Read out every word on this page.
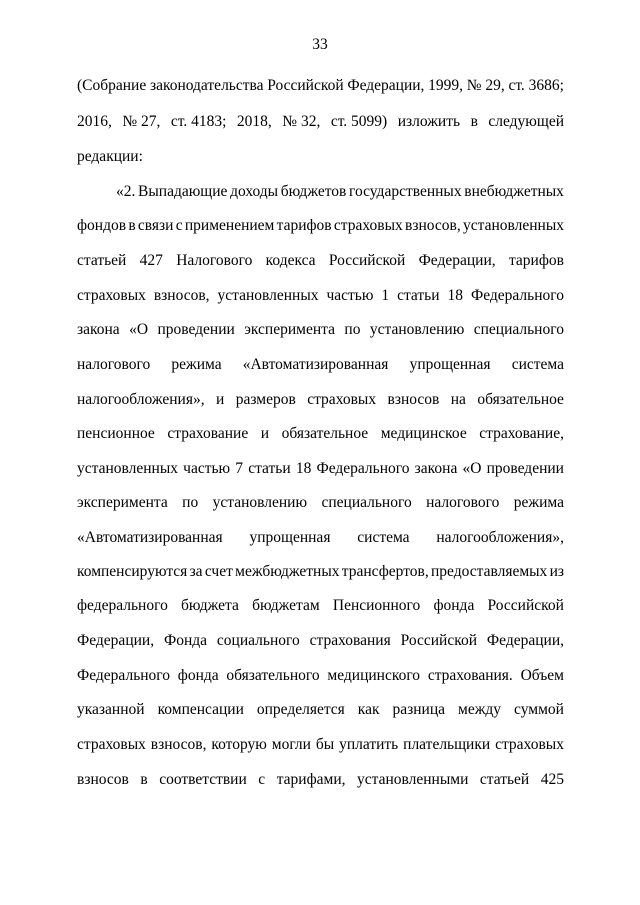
33
(Собрание законодательства Российской Федерации, 1999, № 29, ст. 3686;
2016, № 27, ст. 4183; 2018, № 32, ст. 5099) изложить в следующей
редакции:
«2. Выпадающие доходы бюджетов государственных внебюджетных
фондов в связи с применением тарифов страховых взносов, установленных
статьей 427 Налогового кодекса Российской Федерации, тарифов
страховых взносов, установленных частью 1 статьи 18 Федерального
закона «О проведении эксперимента по установлению специального
налогового режима «Автоматизированная упрощенная система
налогообложения», и размеров страховых взносов на обязательное
пенсионное страхование и обязательное медицинское страхование,
установленных частью 7 статьи 18 Федерального закона «О проведении
эксперимента по установлению специального налогового режима
«Автоматизированная упрощенная система налогообложения»,
компенсируются за счет межбюджетных трансфертов, предоставляемых из
федерального бюджета бюджетам Пенсионного фонда Российской
Федерации, Фонда социального страхования Российской Федерации,
Федерального фонда обязательного медицинского страхования. Объем
указанной компенсации определяется как разница между суммой
страховых взносов, которую могли бы уплатить плательщики страховых
взносов в соответствии с тарифами, установленными статьей 425
